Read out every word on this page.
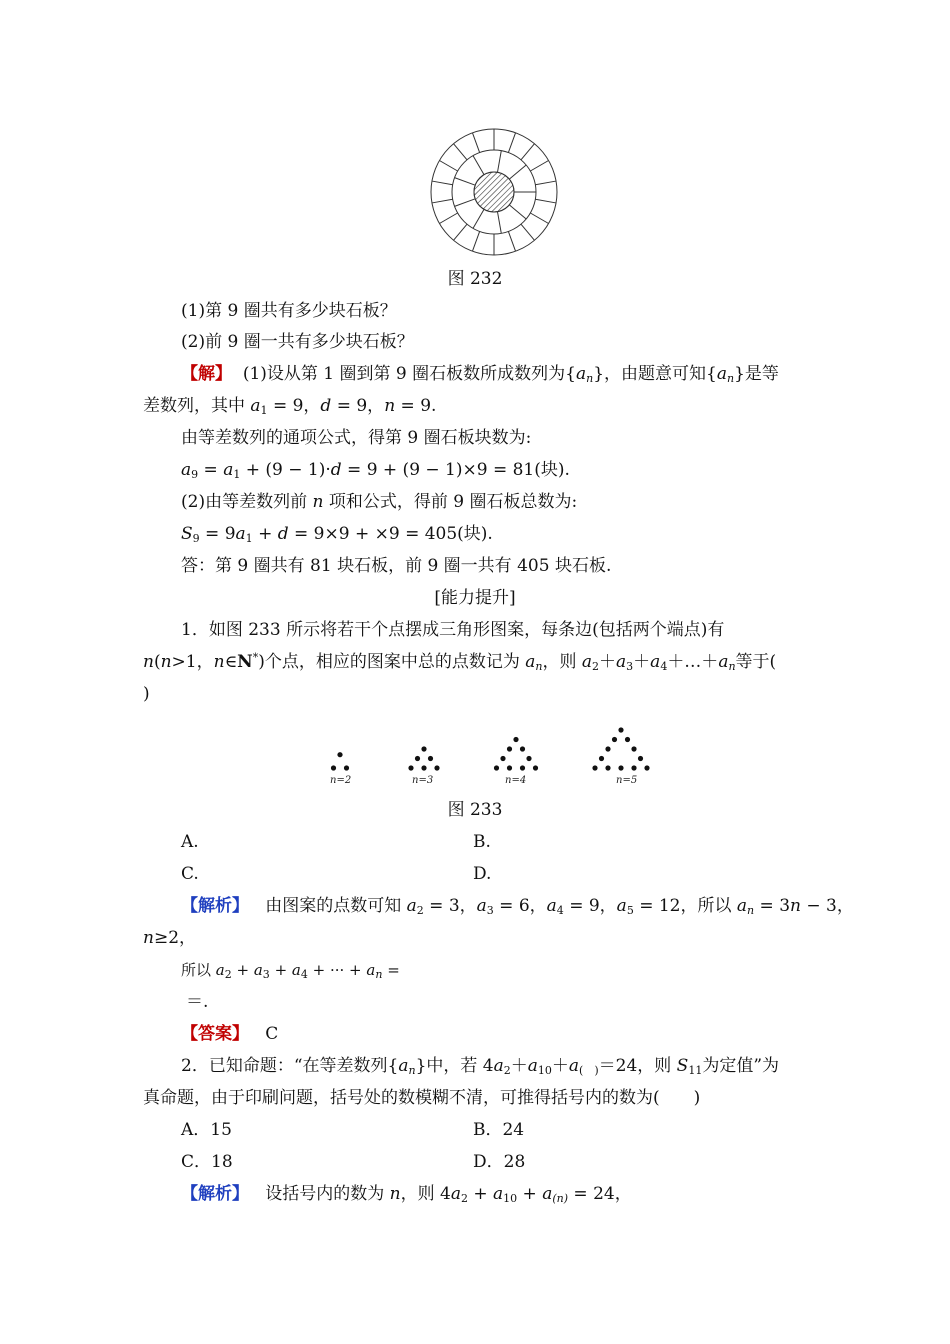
图 232
(1)第 9 圈共有多少块石板？
(2)前 9 圈一共有多少块石板？
【解】 (1)设从第 1 圈到第 9 圈石板数所成数列为$\{a_n\}$，由题意可知$\{a_n\}$是等
差数列，其中 $a_1 = 9$，d = 9，n = 9.
由等差数列的通项公式，得第 9 圈石板块数为:
$a_9 = a_1 + (9 - 1)\cdot d = 9 + (9 - 1)\times 9 = 81$(块).
(2)由等差数列前 n 项和公式，得前 9 圈石板总数为:
$S_9 = 9a_1 + d = 9\times 9 + \times 9 = 405$(块).
答：第 9 圈共有 81 块石板，前 9 圈一共有 405 块石板.
[能力提升]
1．如图 233 所示将若干个点摆成三角形图案，每条边(包括两个端点)有
n(n>1，n∈N*)个点，相应的图案中总的点数记为 $a_n$，则 $a_2+a_3+a_4+\dots+a_n$等于(
)
n=2	n=3	n=4	n=5
图 233
A.	B.
C.	D.
【解析】 由图案的点数可知 $a_2 = 3$，$a_3 = 6$，$a_4 = 9$，$a_5 = 12$，所以 $a_n = 3n - 3$，
n≥2，
所以 $a_2 + a_3 + a_4$ + ··· + $a_n$ =
＝.
【答案】 C
2．已知命题：“在等差数列$\{a_n\}$中，若 $4a_2+a_{10}+a_{( )}=24$，则 $S_{11}$为定值”为
真命题，由于印刷问题，括号处的数模糊不清，可推得括号内的数为(　　)
A．15	B．24
C．18	D．28
【解析】 设括号内的数为 n，则 $4a_2 + a_{10} + a_{(n)} = 24$，
